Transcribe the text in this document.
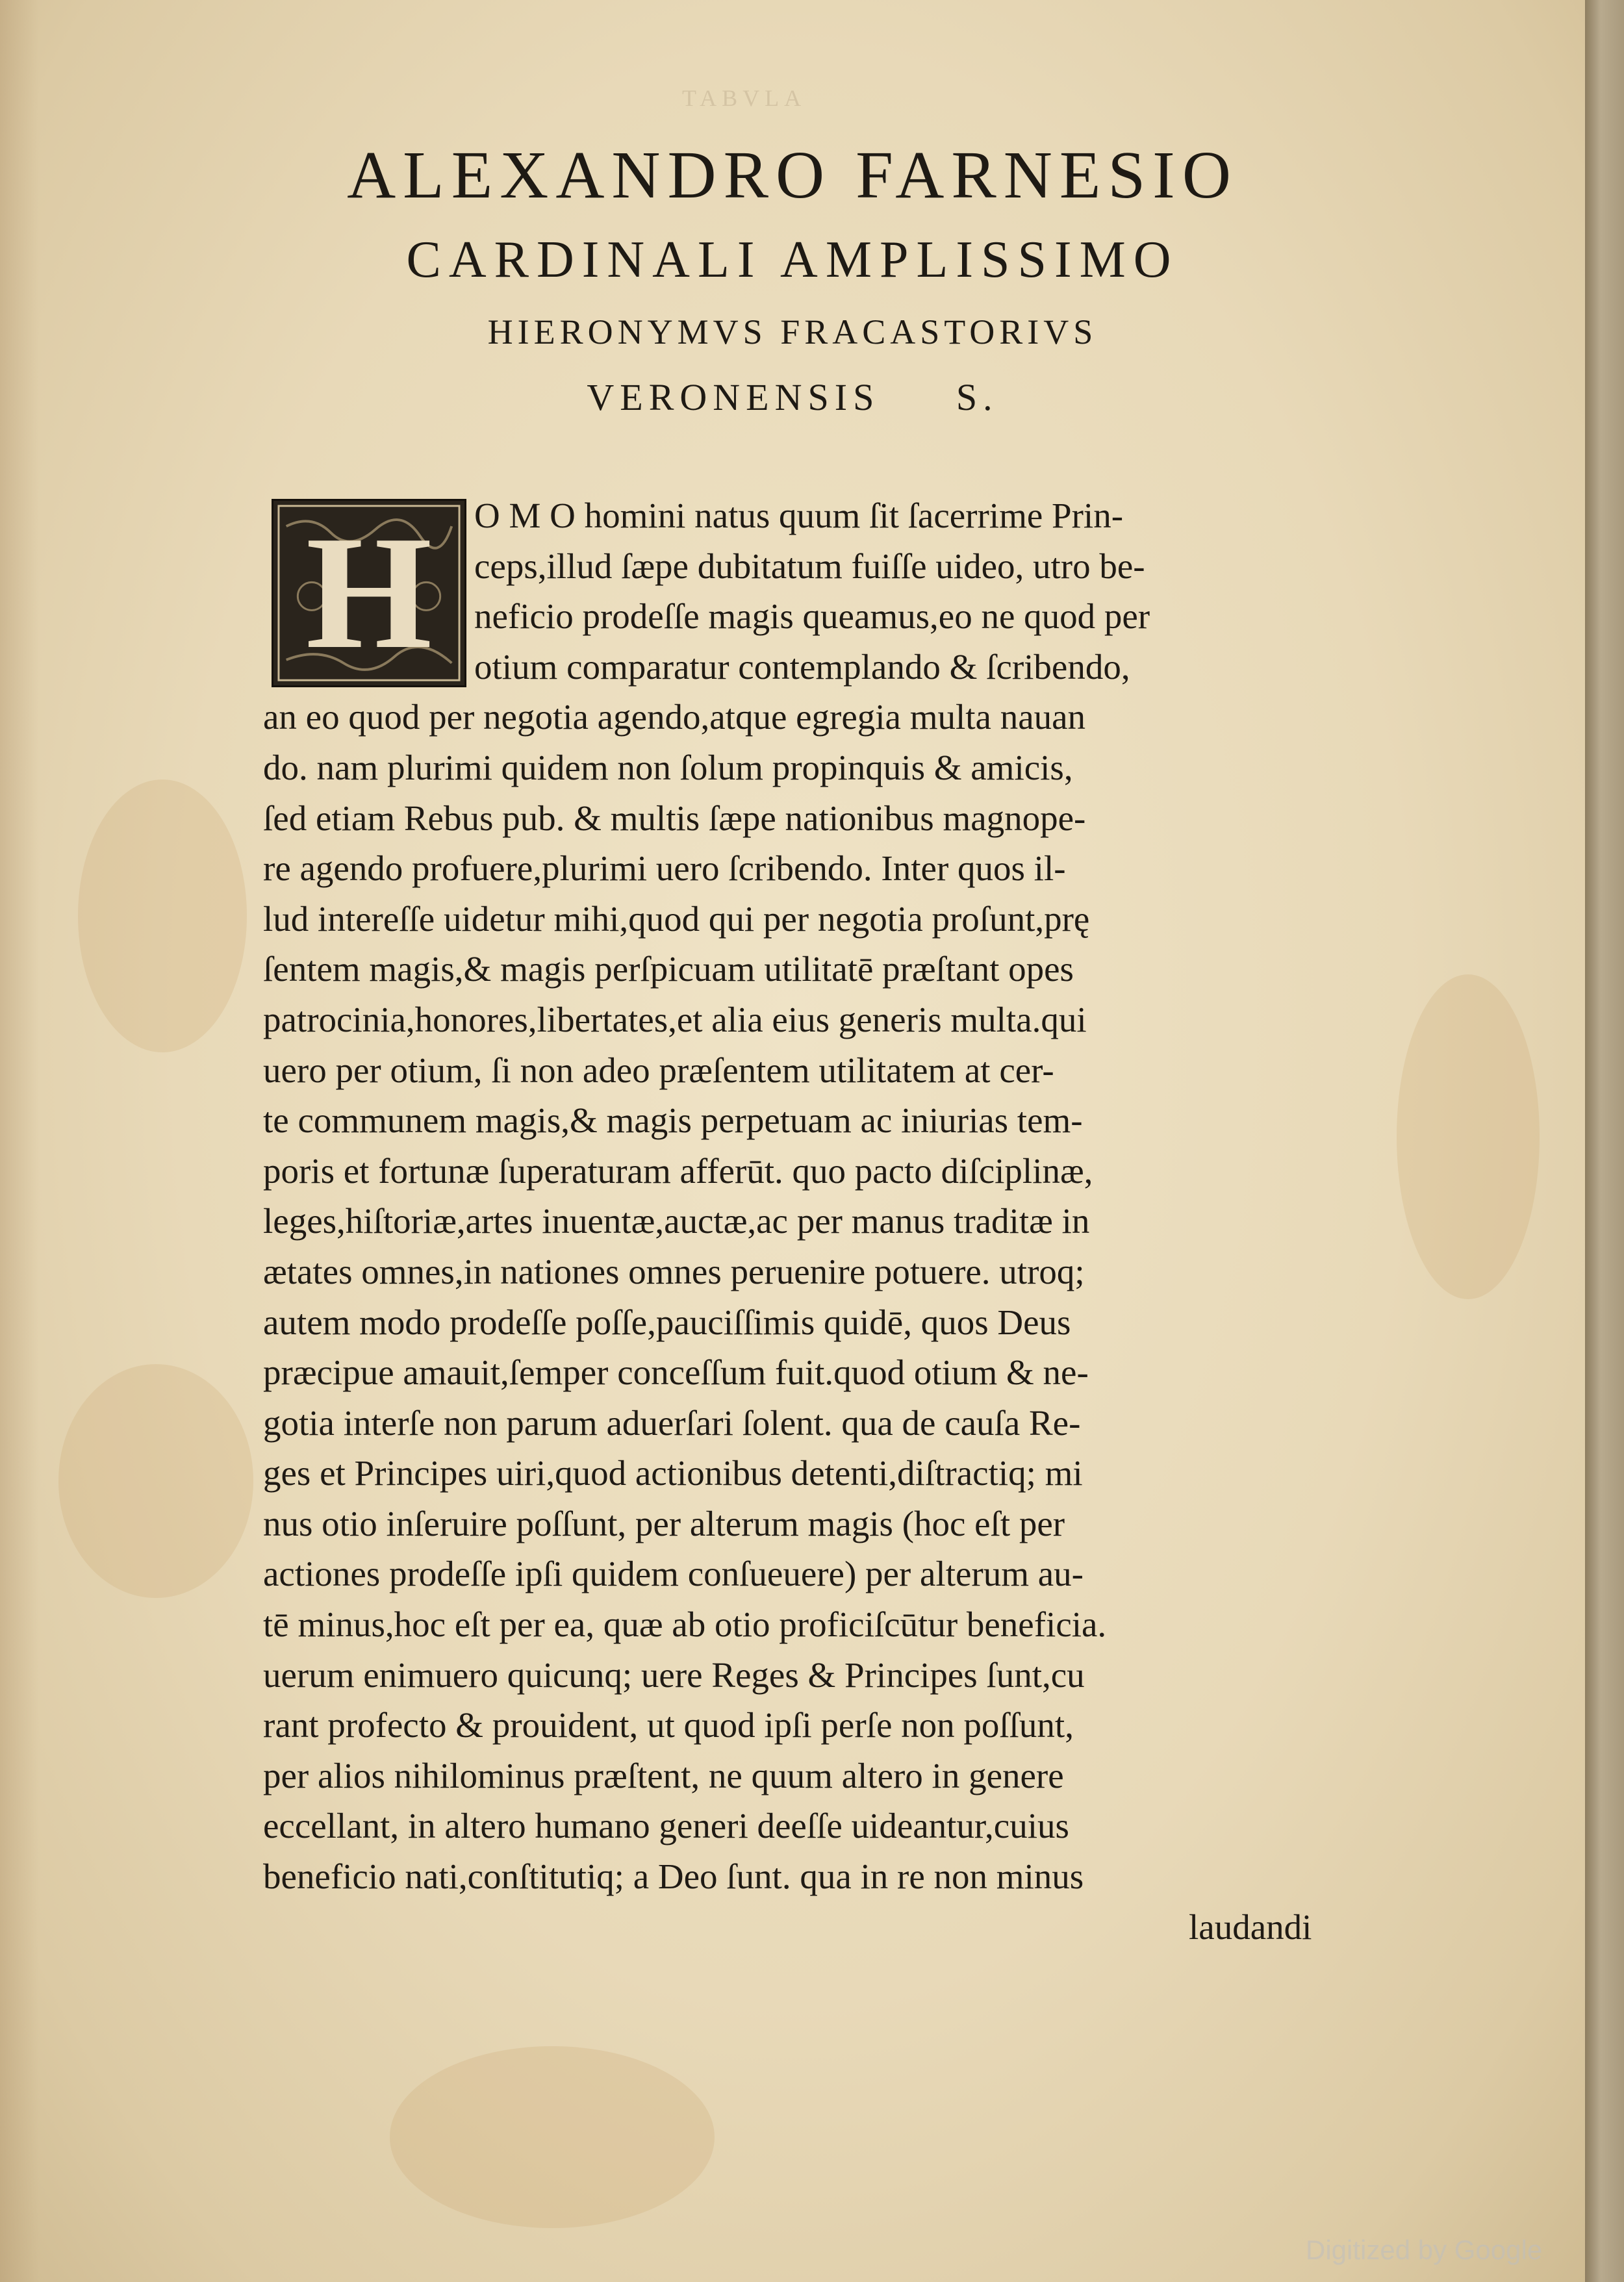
TABVLA
ALEXANDRO FARNESIO
CARDINALI AMPLISSIMO
HIERONYMVS FRACASTORIVS
VERONENSIS     S.
H	O M O homini natus quum ſit ſacerrime Prin-
ceps,illud ſæpe dubitatum fuiſſe uideo, utro be-
neficio prodeſſe magis queamus,eo ne quod per
otium comparatur contemplando & ſcribendo,
an eo quod per negotia agendo,atque egregia multa nauan
do. nam plurimi quidem non ſolum propinquis & amicis,
ſed etiam Rebus pub. & multis ſæpe nationibus magnope-
re agendo profuere,plurimi uero ſcribendo. Inter quos il-
lud intereſſe uidetur mihi,quod qui per negotia proſunt,prę
ſentem magis,& magis perſpicuam utilitatē præſtant opes
patrocinia,honores,libertates,et alia eius generis multa.qui
uero per otium, ſi non adeo præſentem utilitatem at cer-
te communem magis,& magis perpetuam ac iniurias tem-
poris et fortunæ ſuperaturam afferūt. quo pacto diſciplinæ,
leges,hiſtoriæ,artes inuentæ,auctæ,ac per manus traditæ in
ætates omnes,in nationes omnes peruenire potuere. utroq;
autem modo prodeſſe poſſe,pauciſſimis quidē, quos Deus
præcipue amauit,ſemper conceſſum fuit.quod otium & ne-
gotia interſe non parum aduerſari ſolent. qua de cauſa Re-
ges et Principes uiri,quod actionibus detenti,diſtractiq; mi
nus otio inſeruire poſſunt, per alterum magis (hoc eſt per
actiones prodeſſe ipſi quidem conſueuere) per alterum au-
tē minus,hoc eſt per ea, quæ ab otio proficiſcūtur beneficia.
uerum enimuero quicunq; uere Reges & Principes ſunt,cu
rant profecto & prouident, ut quod ipſi perſe non poſſunt,
per alios nihilominus præſtent, ne quum altero in genere
eccellant, in altero humano generi deeſſe uideantur,cuius
beneficio nati,conſtitutiq; a Deo ſunt. qua in re non minus
laudandi
Digitized by Google
